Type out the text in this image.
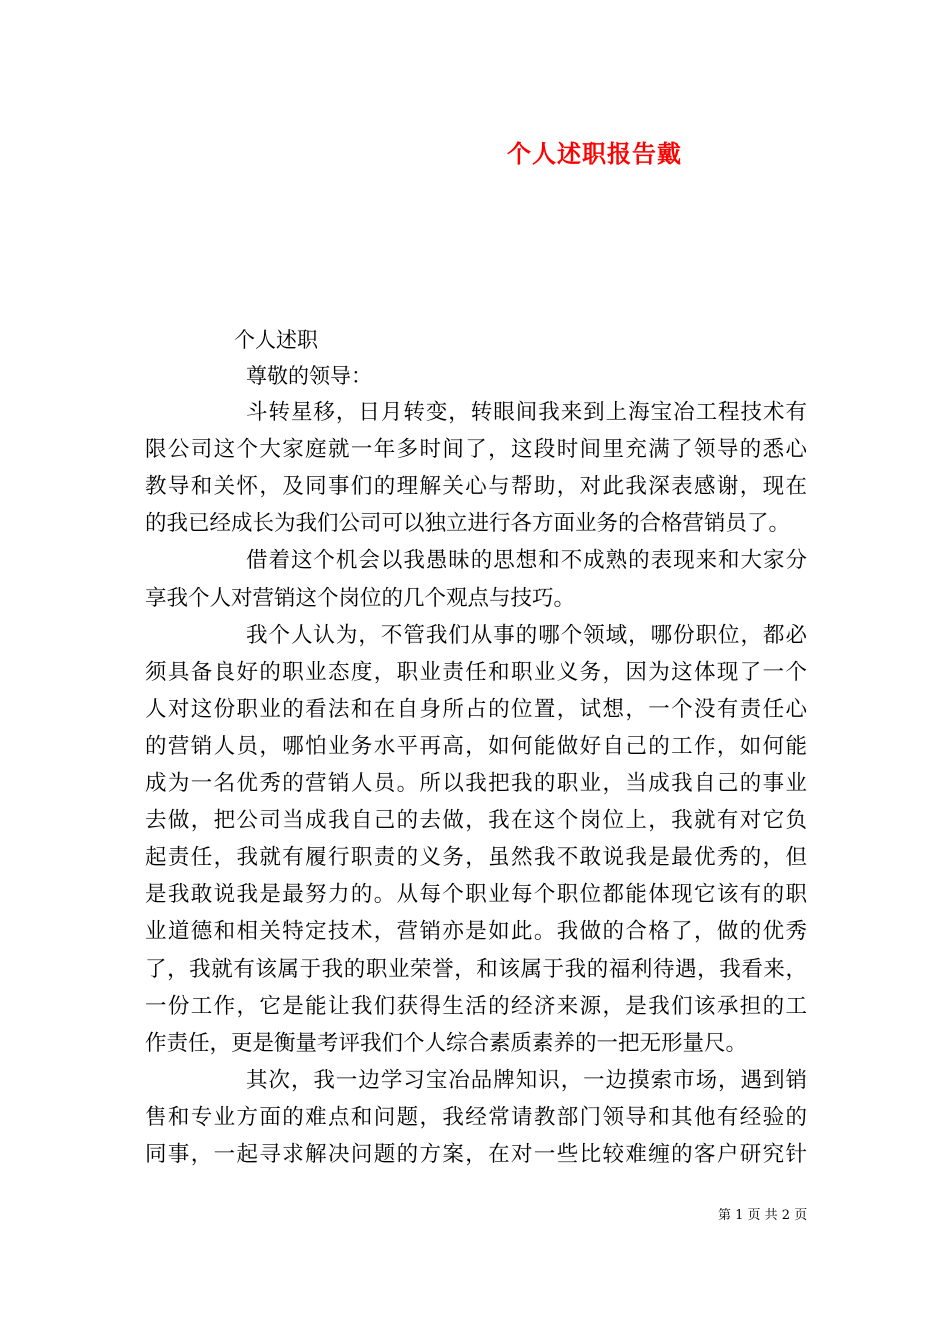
个人述职报告戴
个人述职
尊敬的领导：
斗转星移，日月转变，转眼间我来到上海宝冶工程技术有
限公司这个大家庭就一年多时间了，这段时间里充满了领导的悉心
教导和关怀，及同事们的理解关心与帮助，对此我深表感谢，现在
的我已经成长为我们公司可以独立进行各方面业务的合格营销员了。
借着这个机会以我愚昧的思想和不成熟的表现来和大家分
享我个人对营销这个岗位的几个观点与技巧。
我个人认为，不管我们从事的哪个领域，哪份职位，都必
须具备良好的职业态度，职业责任和职业义务，因为这体现了一个
人对这份职业的看法和在自身所占的位置，试想，一个没有责任心
的营销人员，哪怕业务水平再高，如何能做好自己的工作，如何能
成为一名优秀的营销人员。所以我把我的职业，当成我自己的事业
去做，把公司当成我自己的去做，我在这个岗位上，我就有对它负
起责任，我就有履行职责的义务，虽然我不敢说我是最优秀的，但
是我敢说我是最努力的。从每个职业每个职位都能体现它该有的职
业道德和相关特定技术，营销亦是如此。我做的合格了，做的优秀
了，我就有该属于我的职业荣誉，和该属于我的福利待遇，我看来，
一份工作，它是能让我们获得生活的经济来源，是我们该承担的工
作责任，更是衡量考评我们个人综合素质素养的一把无形量尺。
其次，我一边学习宝冶品牌知识，一边摸索市场，遇到销
售和专业方面的难点和问题，我经常请教部门领导和其他有经验的
同事，一起寻求解决问题的方案，在对一些比较难缠的客户研究针
第 1 页 共 2 页
